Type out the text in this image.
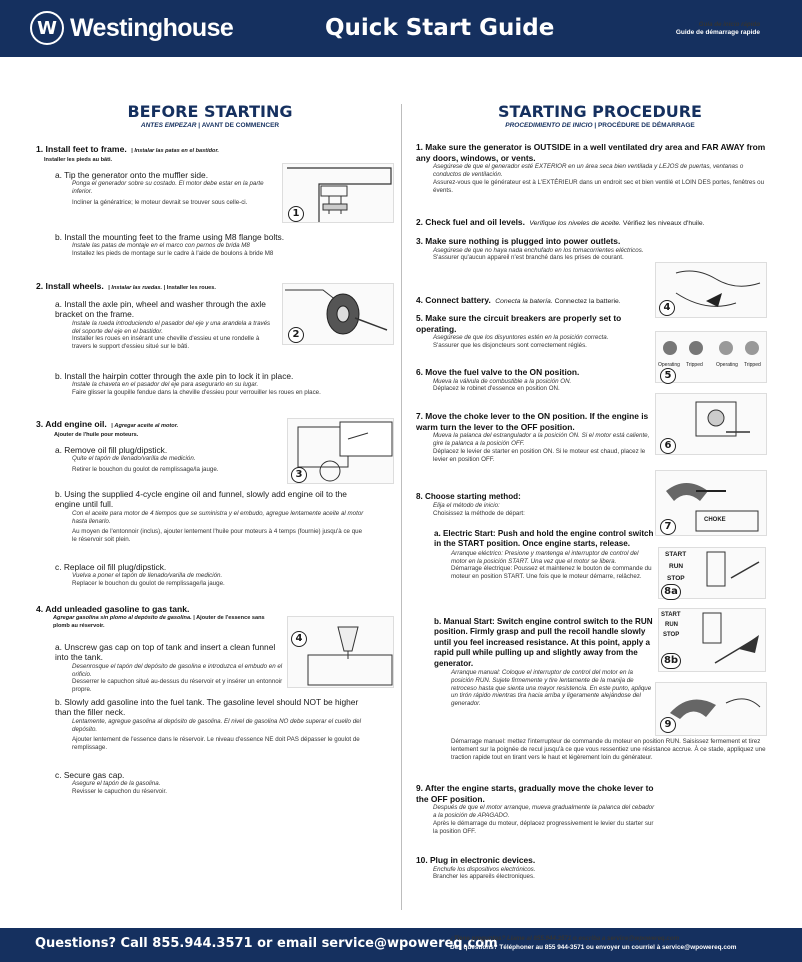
W Westinghouse	Quick Start Guide	Guía de inicio rápido
Guide de démarrage rapide
BEFORE STARTING
ANTES EMPEZAR | AVANT DE COMMENCER
1. Install feet to frame. | Instalar las patas en el bastidor.
Installer les pieds au bâti.
a. Tip the generator onto the muffler side.
Ponga el generador sobre su costado. El motor debe estar en la parte inferior.
Incliner la génératrice; le moteur devrait se trouver sous celle-ci.
b. Install the mounting feet to the frame using M8 flange bolts.
Instale las patas de montaje en el marco con pernos de brida M8
Installez les pieds de montage sur le cadre à l'aide de boulons à bride M8
1
2. Install wheels. | Instalar las ruedas. | Installer les roues.
a. Install the axle pin, wheel and washer through the axle bracket on the frame.
Instale la rueda introduciendo el pasador del eje y una arandela a través del soporte del eje en el bastidor.
Installer les roues en insérant une cheville d'essieu et une rondelle à travers le support d'essieu situé sur le bâti.
b. Install the hairpin cotter through the axle pin to lock it in place.
Instale la chaveta en el pasador del eje para asegurarlo en su lugar.
Faire glisser la goupille fendue dans la cheville d'essieu pour verrouiller les roues en place.
2
3. Add engine oil. | Agregar aceite al motor.
Ajouter de l'huile pour moteurs.
a. Remove oil fill plug/dipstick.
Quite el tapón de llenado/varilla de medición.
Retirer le bouchon du goulot de remplissage/la jauge.
b. Using the supplied 4-cycle engine oil and funnel, slowly add engine oil to the engine until full.
Con el aceite para motor de 4 tiempos que se suministra y el embudo, agregue lentamente aceite al motor hasta llenarlo.
Au moyen de l'entonnoir (inclus), ajouter lentement l'huile pour moteurs à 4 temps (fournie) jusqu'à ce que le réservoir soit plein.
c. Replace oil fill plug/dipstick.
Vuelva a poner el tapón de llenado/varilla de medición.
Replacer le bouchon du goulot de remplissage/la jauge.
3
4. Add unleaded gasoline to gas tank.
Agregar gasolina sin plomo al depósito de gasolina. | Ajouter de l'essence sans plomb au réservoir.
a. Unscrew gas cap on top of tank and insert a clean funnel into the tank.
Desenrosque el tapón del depósito de gasolina e introduzca el embudo en el orificio.
Desserrer le capuchon situé au-dessus du réservoir et y insérer un entonnoir propre.
b. Slowly add gasoline into the fuel tank. The gasoline level should NOT be higher than the filler neck.
Lentamente, agregue gasolina al depósito de gasolina. El nivel de gasolina NO debe superar el cuello del depósito.
Ajouter lentement de l'essence dans le réservoir. Le niveau d'essence NE doit PAS dépasser le goulot de remplissage.
c. Secure gas cap.
Asegure el tapón de la gasolina.
Revisser le capuchon du réservoir.
4
STARTING PROCEDURE
PROCEDIMIENTO DE INICIO | PROCÉDURE DE DÉMARRAGE
1. Make sure the generator is OUTSIDE in a well ventilated dry area and FAR AWAY from any doors, windows, or vents.
Asegúrese de que el generador esté EXTERIOR en un área seca bien ventilada y LEJOS de puertas, ventanas o conductos de ventilación.
Assurez-vous que le générateur est à L'EXTÉRIEUR dans un endroit sec et bien ventilé et LOIN DES portes, fenêtres ou évents.
2. Check fuel and oil levels. Verifique los niveles de aceite. Vérifiez les niveaux d'huile.
3. Make sure nothing is plugged into power outlets.
Asegúrese de que no haya nada enchufado en los tomacorrientes eléctricos.
S'assurer qu'aucun appareil n'est branché dans les prises de courant.
4. Connect battery. Conecta la batería. Connectez la batterie.
5. Make sure the circuit breakers are properly set to operating.
Asegúrese de que los disyuntores estén en la posición correcta.
S'assurer que les disjoncteurs sont correctement réglés.
6. Move the fuel valve to the ON position.
Mueva la válvula de combustible a la posición ON.
Déplacez le robinet d'essence en position ON.
7. Move the choke lever to the ON position. If the engine is warm turn the lever to the OFF position.
Mueva la palanca del estrangulador a la posición ON. Si el motor está caliente, gire la palanca a la posición OFF.
Déplacez le levier de starter en position ON. Si le moteur est chaud, placez le levier en position OFF.
8. Choose starting method:
Elija el método de inicio:
Choisissez la méthode de départ:
a. Electric Start: Push and hold the engine control switch in the START position. Once engine starts, release.
Arranque eléctrico: Presione y mantenga el interruptor de control del motor en la posición START. Una vez que el motor se libera.
Démarrage électrique: Poussez et maintenez le bouton de commande du moteur en position START. Une fois que le moteur démarre, relâchez.
b. Manual Start: Switch engine control switch to the RUN position. Firmly grasp and pull the recoil handle slowly until you feel increased resistance. At this point, apply a rapid pull while pulling up and slightly away from the generator.
Arranque manual: Coloque el interruptor de control del motor en la posición RUN. Sujete firmemente y tire lentamente de la manija de retroceso hasta que sienta una mayor resistencia. En este punto, aplique un tirón rápido mientras tira hacia arriba y ligeramente alejándose del generador.
Démarrage manuel: mettez l'interrupteur de commande du moteur en position RUN. Saisissez fermement et tirez lentement sur la poignée de recul jusqu'à ce que vous ressentiez une résistance accrue. À ce stade, appliquez une traction rapide tout en tirant vers le haut et légèrement loin du générateur.
9. After the engine starts, gradually move the choke lever to the OFF position.
Después de que el motor arranque, mueva gradualmente la palanca del cebador a la posición de APAGADO.
Après le démarrage du moteur, déplacez progressivement le levier du starter sur la position OFF.
10. Plug in electronic devices.
Enchufe los dispositivos electrónicos.
Brancher les appareils électroniques.
4
Operating Tripped	Operating Tripped
5
6
CHOKE
7
START
RUN
STOP
8a
START
RUN
STOP
8b
9
Questions? Call 855.944.3571 or email service@wpowereq.com
¿Tiene preguntas? Llame al 855.944.3571 o escriba a service@wpowereq.com
Des questions? Téléphoner au 855 944-3571 ou envoyer un courriel à service@wpowereq.com
